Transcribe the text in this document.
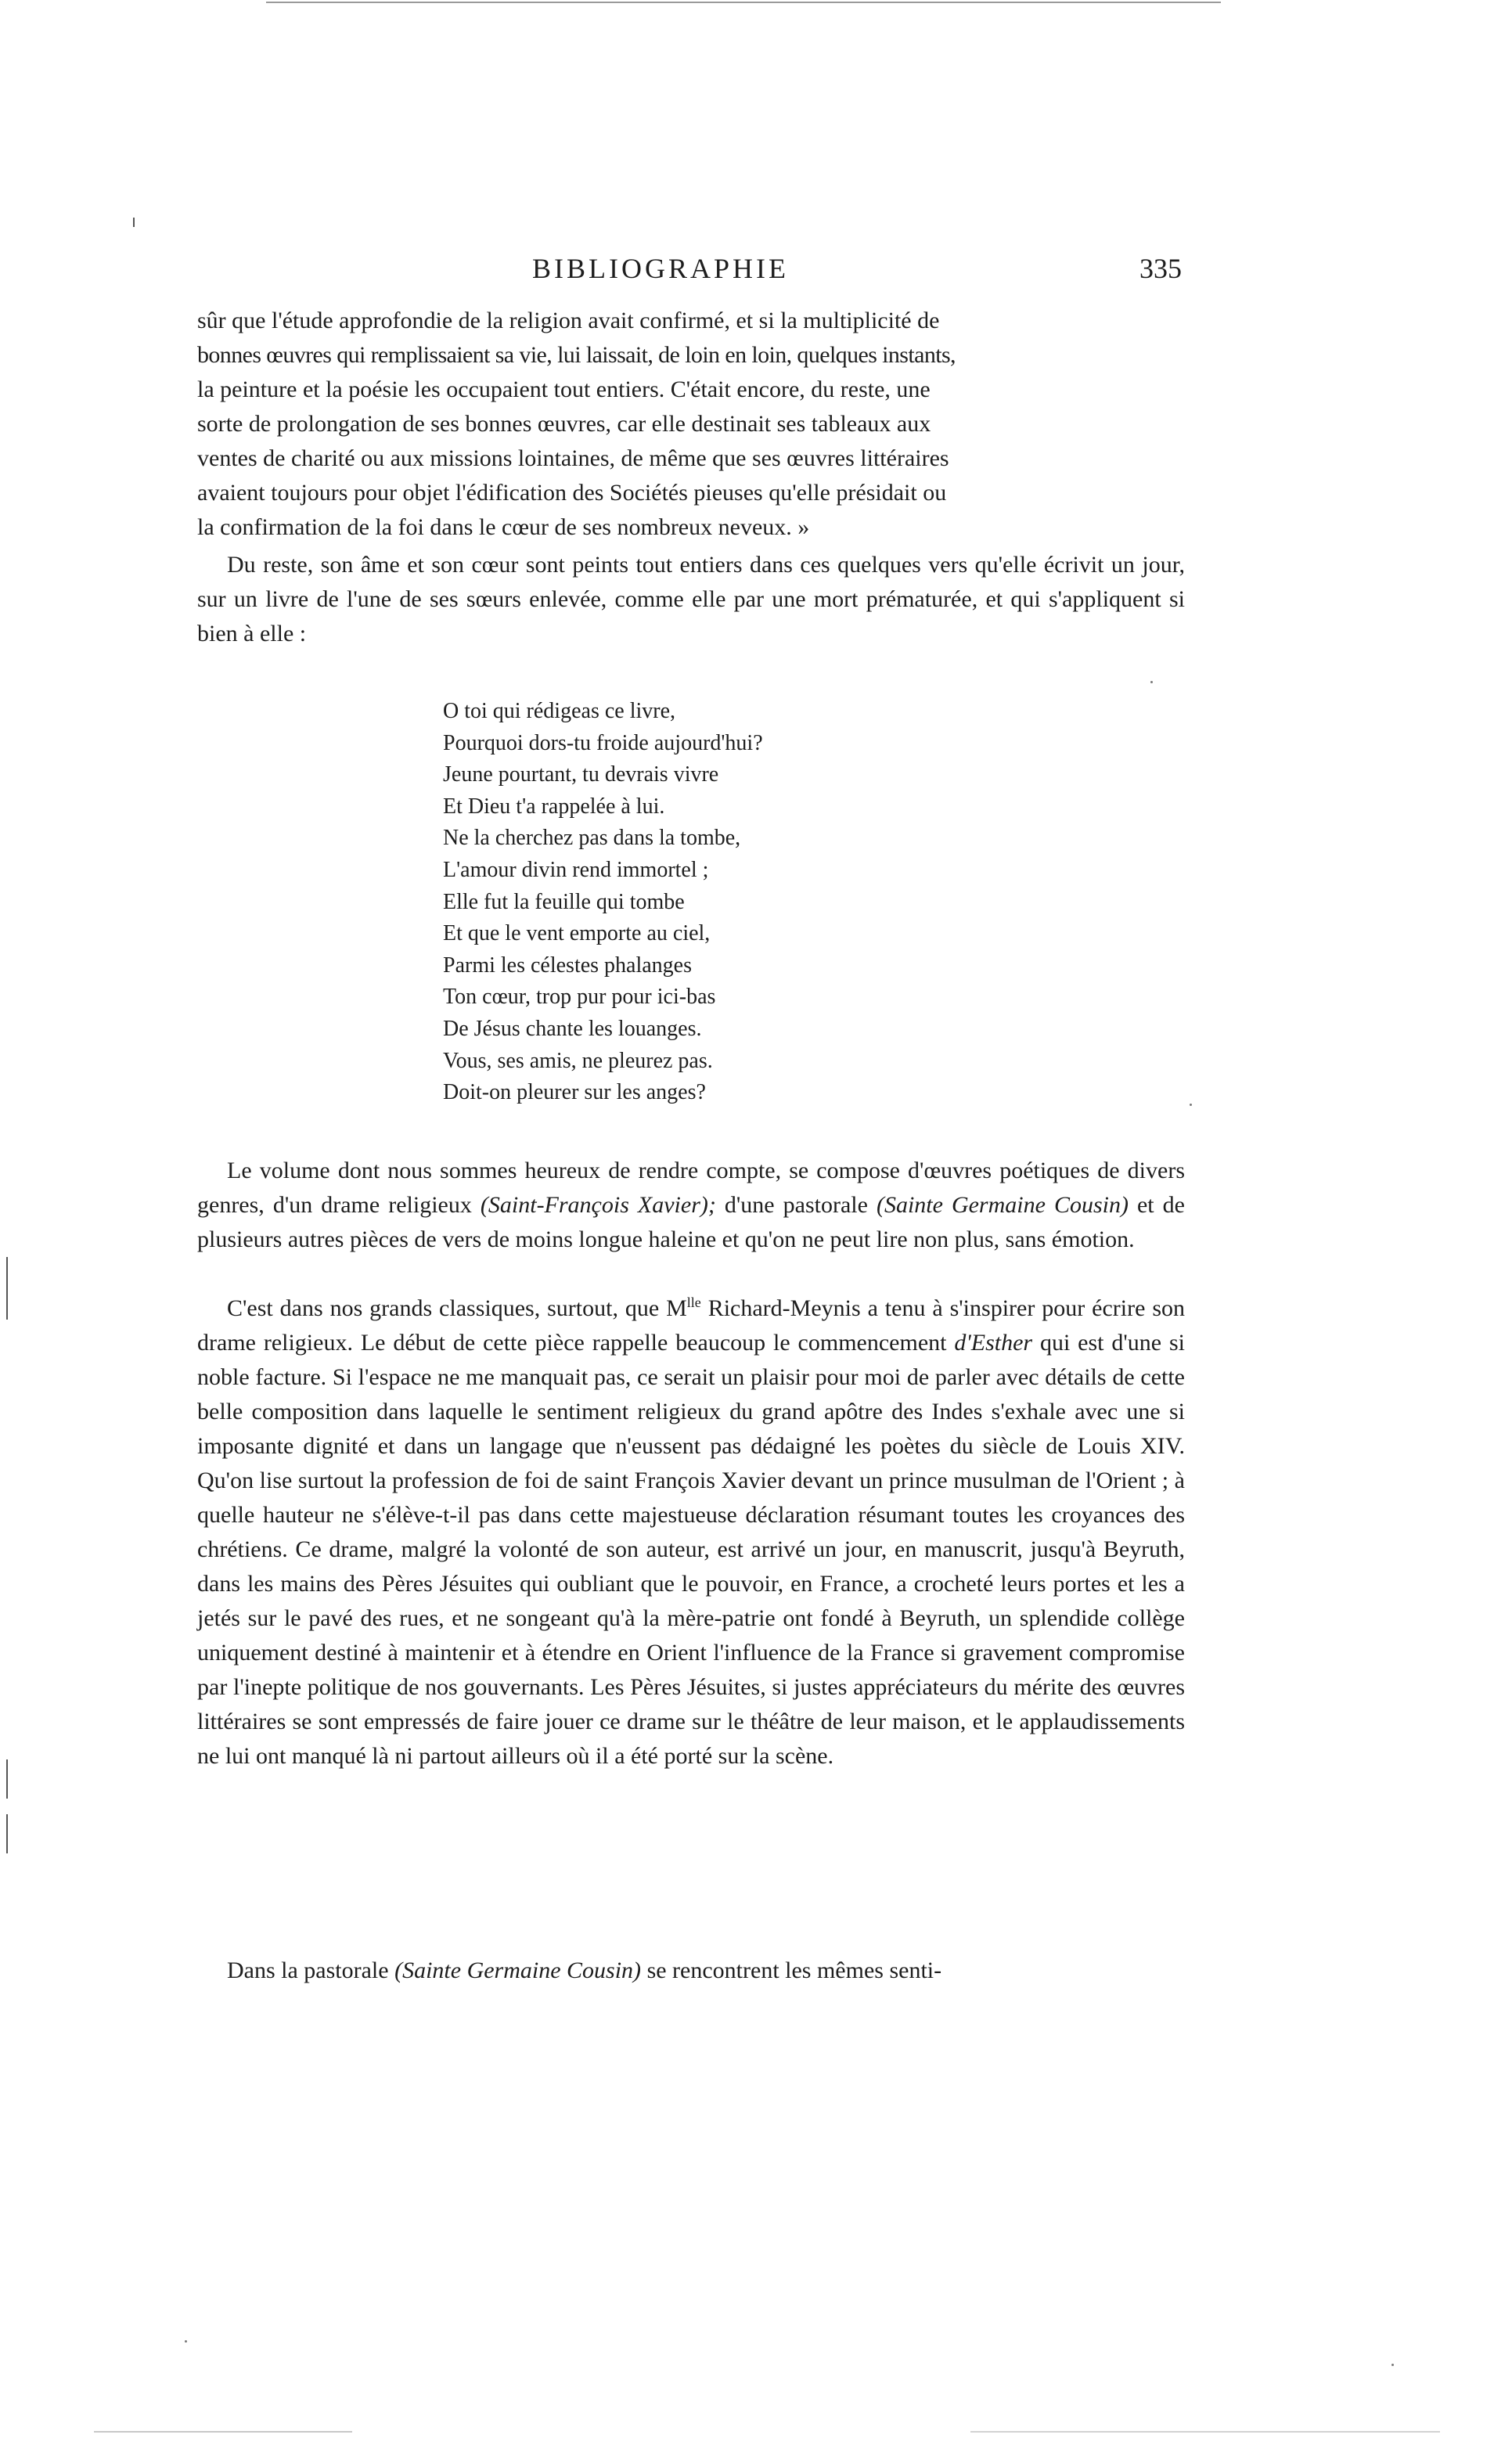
BIBLIOGRAPHIE	335

sûr que l'étude approfondie de la religion avait confirmé, et si la multiplicité de

bonnes œuvres qui remplissaient sa vie, lui laissait, de loin en loin, quelques instants,

la peinture et la poésie les occupaient tout entiers. C'était encore, du reste, une

sorte de prolongation de ses bonnes œuvres, car elle destinait ses tableaux aux

ventes de charité ou aux missions lointaines, de même que ses œuvres littéraires

avaient toujours pour objet l'édification des Sociétés pieuses qu'elle présidait ou

la confirmation de la foi dans le cœur de ses nombreux neveux. »

Du reste, son âme et son cœur sont peints tout entiers dans ces quelques vers qu'elle écrivit un jour, sur un livre de l'une de ses sœurs enlevée, comme elle par une mort prématurée, et qui s'appliquent si bien à elle :

O toi qui rédigeas ce livre,
Pourquoi dors-tu froide aujourd'hui?
Jeune pourtant, tu devrais vivre
Et Dieu t'a rappelée à lui.
Ne la cherchez pas dans la tombe,
L'amour divin rend immortel ;
Elle fut la feuille qui tombe
Et que le vent emporte au ciel,
Parmi les célestes phalanges
Ton cœur, trop pur pour ici-bas
De Jésus chante les louanges.
Vous, ses amis, ne pleurez pas.
Doit-on pleurer sur les anges?

Le volume dont nous sommes heureux de rendre compte, se compose d'œuvres poétiques de divers genres, d'un drame religieux (Saint-François Xavier); d'une pastorale (Sainte Germaine Cousin) et de plusieurs autres pièces de vers de moins longue haleine et qu'on ne peut lire non plus, sans émotion.

C'est dans nos grands classiques, surtout, que $M^{lle}$ Richard-Meynis a tenu à s'inspirer pour écrire son drame religieux. Le début de cette pièce rappelle beaucoup le commencement d'Esther qui est d'une si noble facture. Si l'espace ne me manquait pas, ce serait un plaisir pour moi de parler avec détails de cette belle composition dans laquelle le sentiment religieux du grand apôtre des Indes s'exhale avec une si imposante dignité et dans un langage que n'eussent pas dédaigné les poètes du siècle de Louis XIV. Qu'on lise surtout la profession de foi de saint François Xavier devant un prince musulman de l'Orient ; à quelle hauteur ne s'élève-t-il pas dans cette majestueuse déclaration résumant toutes les croyances des chrétiens. Ce drame, malgré la volonté de son auteur, est arrivé un jour, en manuscrit, jusqu'à Beyruth, dans les mains des Pères Jésuites qui oubliant que le pouvoir, en France, a crocheté leurs portes et les a jetés sur le pavé des rues, et ne songeant qu'à la mère-patrie ont fondé à Beyruth, un splendide collège uniquement destiné à maintenir et à étendre en Orient l'influence de la France si gravement compromise par l'inepte politique de nos gouvernants. Les Pères Jésuites, si justes appréciateurs du mérite des œuvres littéraires se sont empressés de faire jouer ce drame sur le théâtre de leur maison, et le applaudissements ne lui ont manqué là ni partout ailleurs où il a été porté sur la scène.

Dans la pastorale (Sainte Germaine Cousin) se rencontrent les mêmes senti-
